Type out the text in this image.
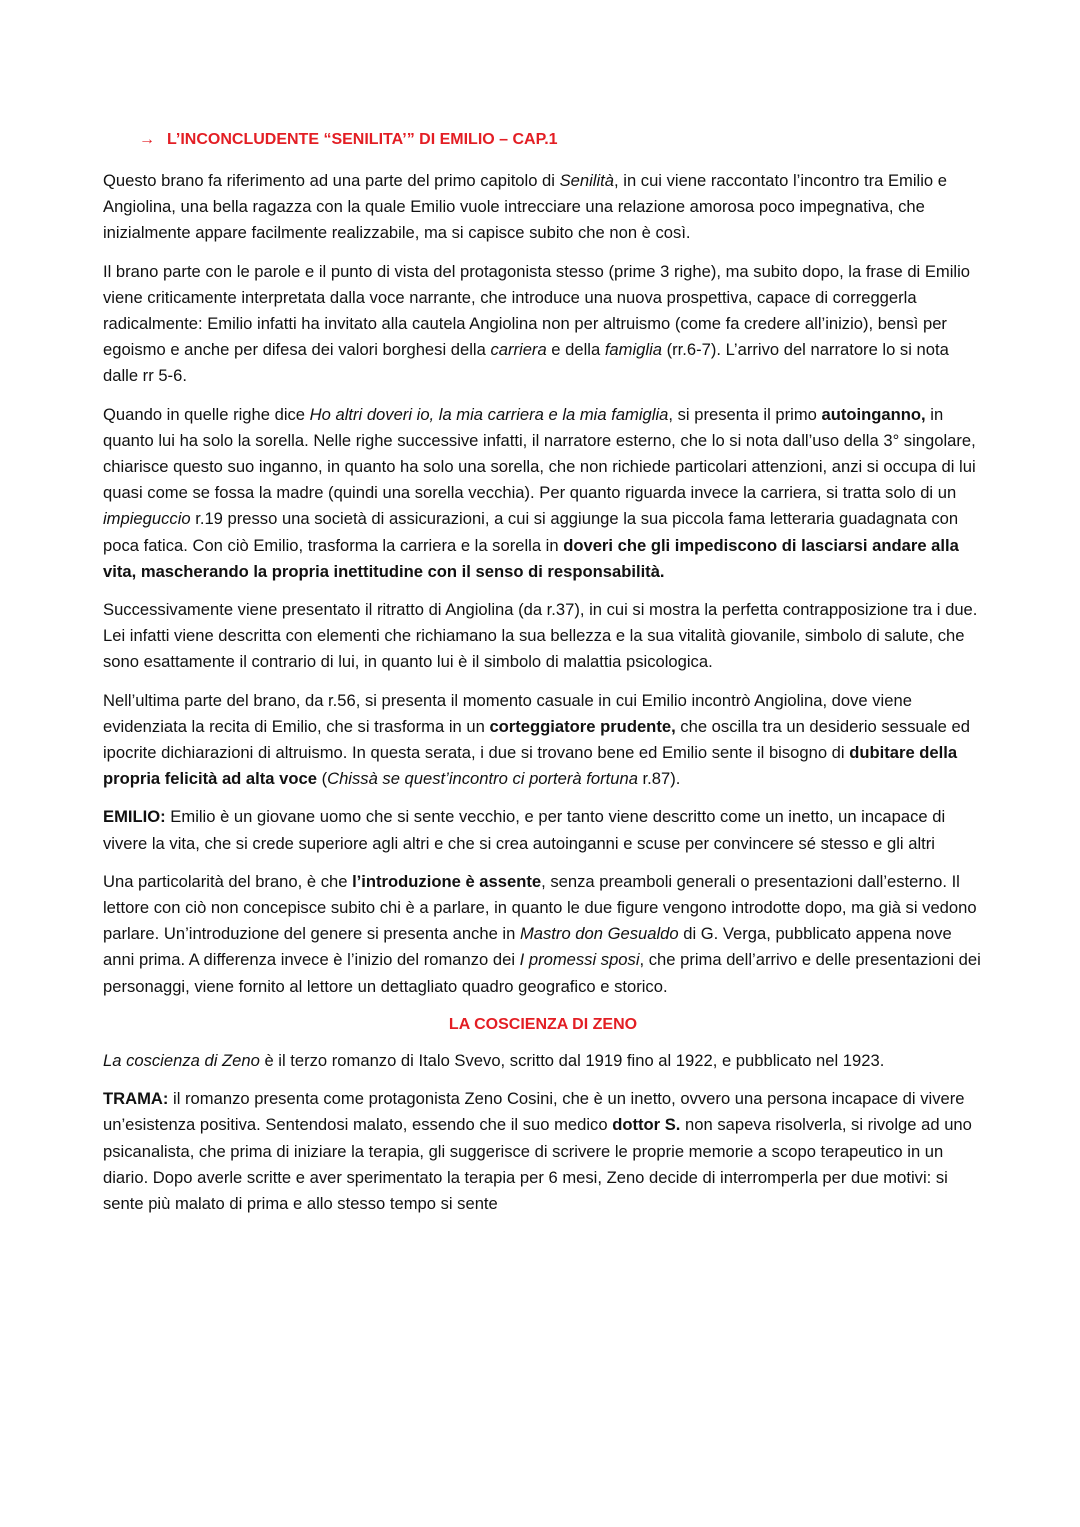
→ L’INCONCLUDENTE “SENILITA’” DI EMILIO – CAP.1

Questo brano fa riferimento ad una parte del primo capitolo di Senilità, in cui viene raccontato l’incontro tra Emilio e Angiolina, una bella ragazza con la quale Emilio vuole intrecciare una relazione amorosa poco impegnativa, che inizialmente appare facilmente realizzabile, ma si capisce subito che non è così.

Il brano parte con le parole e il punto di vista del protagonista stesso (prime 3 righe), ma subito dopo, la frase di Emilio viene criticamente interpretata dalla voce narrante, che introduce una nuova prospettiva, capace di correggerla radicalmente: Emilio infatti ha invitato alla cautela Angiolina non per altruismo (come fa credere all’inizio), bensì per egoismo e anche per difesa dei valori borghesi della carriera e della famiglia (rr.6-7). L’arrivo del narratore lo si nota dalle rr 5-6.

Quando in quelle righe dice Ho altri doveri io, la mia carriera e la mia famiglia, si presenta il primo autoinganno, in quanto lui ha solo la sorella. Nelle righe successive infatti, il narratore esterno, che lo si nota dall’uso della 3° singolare, chiarisce questo suo inganno, in quanto ha solo una sorella, che non richiede particolari attenzioni, anzi si occupa di lui quasi come se fossa la madre (quindi una sorella vecchia). Per quanto riguarda invece la carriera, si tratta solo di un impieguccio r.19 presso una società di assicurazioni, a cui si aggiunge la sua piccola fama letteraria guadagnata con poca fatica. Con ciò Emilio, trasforma la carriera e la sorella in doveri che gli impediscono di lasciarsi andare alla vita, mascherando la propria inettitudine con il senso di responsabilità.

Successivamente viene presentato il ritratto di Angiolina (da r.37), in cui si mostra la perfetta contrapposizione tra i due. Lei infatti viene descritta con elementi che richiamano la sua bellezza e la sua vitalità giovanile, simbolo di salute, che sono esattamente il contrario di lui, in quanto lui è il simbolo di malattia psicologica.

Nell’ultima parte del brano, da r.56, si presenta il momento casuale in cui Emilio incontrò Angiolina, dove viene evidenziata la recita di Emilio, che si trasforma in un corteggiatore prudente, che oscilla tra un desiderio sessuale ed ipocrite dichiarazioni di altruismo. In questa serata, i due si trovano bene ed Emilio sente il bisogno di dubitare della propria felicità ad alta voce (Chissà se quest’incontro ci porterà fortuna r.87).

EMILIO: Emilio è un giovane uomo che si sente vecchio, e per tanto viene descritto come un inetto, un incapace di vivere la vita, che si crede superiore agli altri e che si crea autoinganni e scuse per convincere sé stesso e gli altri

Una particolarità del brano, è che l’introduzione è assente, senza preamboli generali o presentazioni dall’esterno. Il lettore con ciò non concepisce subito chi è a parlare, in quanto le due figure vengono introdotte dopo, ma già si vedono parlare. Un’introduzione del genere si presenta anche in Mastro don Gesualdo di G. Verga, pubblicato appena nove anni prima. A differenza invece è l’inizio del romanzo dei I promessi sposi, che prima dell’arrivo e delle presentazioni dei personaggi, viene fornito al lettore un dettagliato quadro geografico e storico.

LA COSCIENZA DI ZENO

La coscienza di Zeno è il terzo romanzo di Italo Svevo, scritto dal 1919 fino al 1922, e pubblicato nel 1923.

TRAMA: il romanzo presenta come protagonista Zeno Cosini, che è un inetto, ovvero una persona incapace di vivere un’esistenza positiva. Sentendosi malato, essendo che il suo medico dottor S. non sapeva risolverla, si rivolge ad uno psicanalista, che prima di iniziare la terapia, gli suggerisce di scrivere le proprie memorie a scopo terapeutico in un diario. Dopo averle scritte e aver sperimentato la terapia per 6 mesi, Zeno decide di interromperla per due motivi: si sente più malato di prima e allo stesso tempo si sente
